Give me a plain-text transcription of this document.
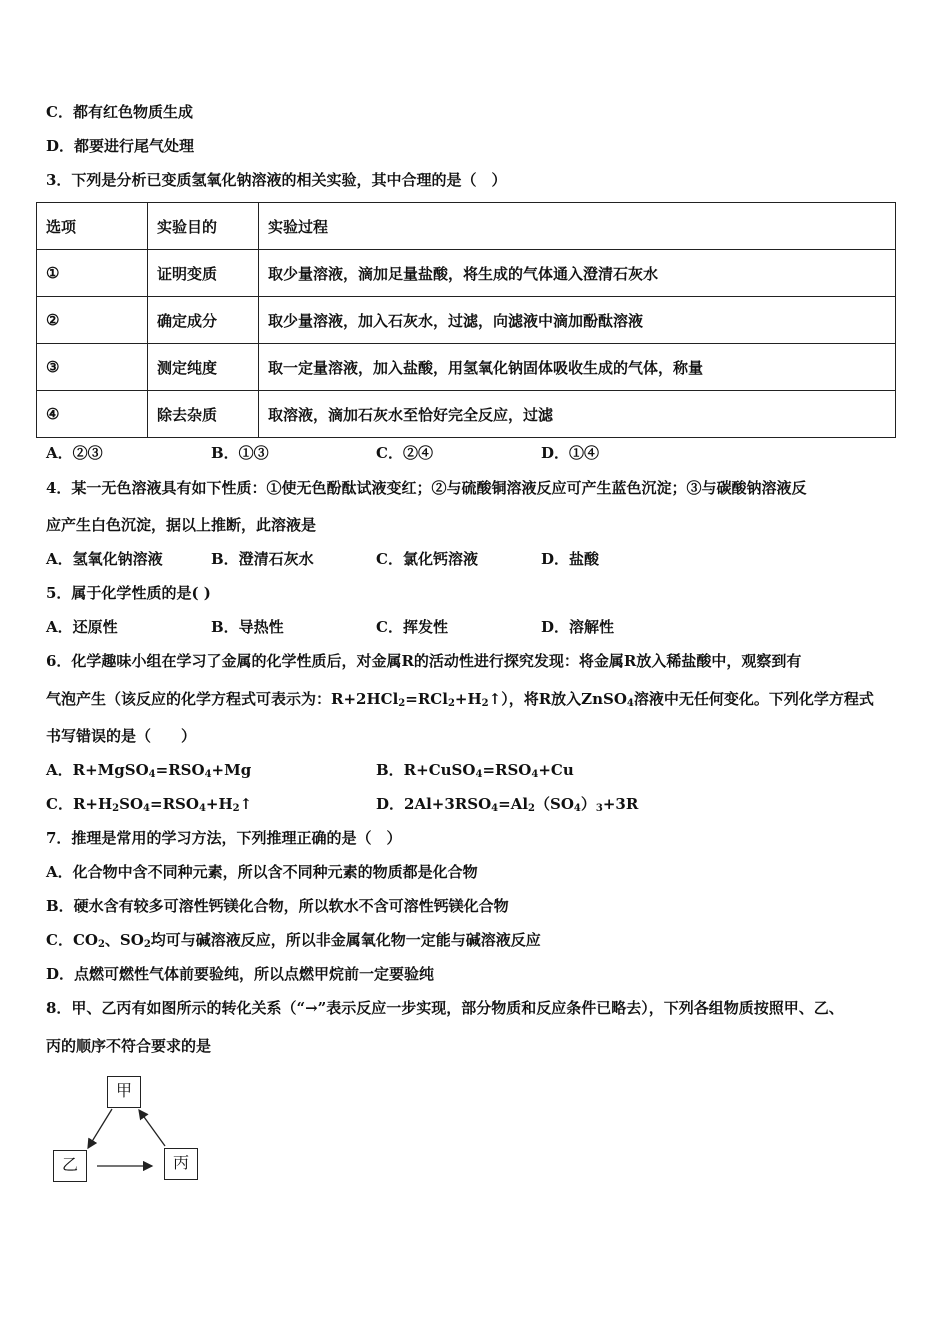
C．都有红色物质生成
D．都要进行尾气处理
3．下列是分析已变质氢氧化钠溶液的相关实验，其中合理的是（　）
选项	实验目的	实验过程
①	证明变质	取少量溶液，滴加足量盐酸，将生成的气体通入澄清石灰水
②	确定成分	取少量溶液，加入石灰水，过滤，向滤液中滴加酚酞溶液
③	测定纯度	取一定量溶液，加入盐酸，用氢氧化钠固体吸收生成的气体，称量
④	除去杂质	取溶液，滴加石灰水至恰好完全反应，过滤
A．②③	B．①③	C．②④	D．①④
4．某一无色溶液具有如下性质：①使无色酚酞试液变红；②与硫酸铜溶液反应可产生蓝色沉淀；③与碳酸钠溶液反
应产生白色沉淀，据以上推断，此溶液是
A．氢氧化钠溶液	B．澄清石灰水	C．氯化钙溶液	D．盐酸
5．属于化学性质的是( )
A．还原性	B．导热性	C．挥发性	D．溶解性
6．化学趣味小组在学习了金属的化学性质后，对金属R的活动性进行探究发现：将金属R放入稀盐酸中，观察到有
气泡产生（该反应的化学方程式可表示为：$R+2HCl_2=RCl_2+H_2↑$），将R放入ZnSO$_4$溶液中无任何变化。下列化学方程式
书写错误的是（　　）
A．$R+MgSO_4=RSO_4+Mg$	B．$R+CuSO_4=RSO_4+Cu$
C．$R+H_2SO_4=RSO_4+H_2↑$	D．$2Al+3RSO_4=Al_2(SO_4)_3+3R$
7．推理是常用的学习方法，下列推理正确的是（　）
A．化合物中含不同种元素，所以含不同种元素的物质都是化合物
B．硬水含有较多可溶性钙镁化合物，所以软水不含可溶性钙镁化合物
C．$CO_2$、$SO_2$均可与碱溶液反应，所以非金属氧化物一定能与碱溶液反应
D．点燃可燃性气体前要验纯，所以点燃甲烷前一定要验纯
8．甲、乙丙有如图所示的转化关系（“→”表示反应一步实现，部分物质和反应条件已略去），下列各组物质按照甲、乙、
丙的顺序不符合要求的是
甲
乙	丙
